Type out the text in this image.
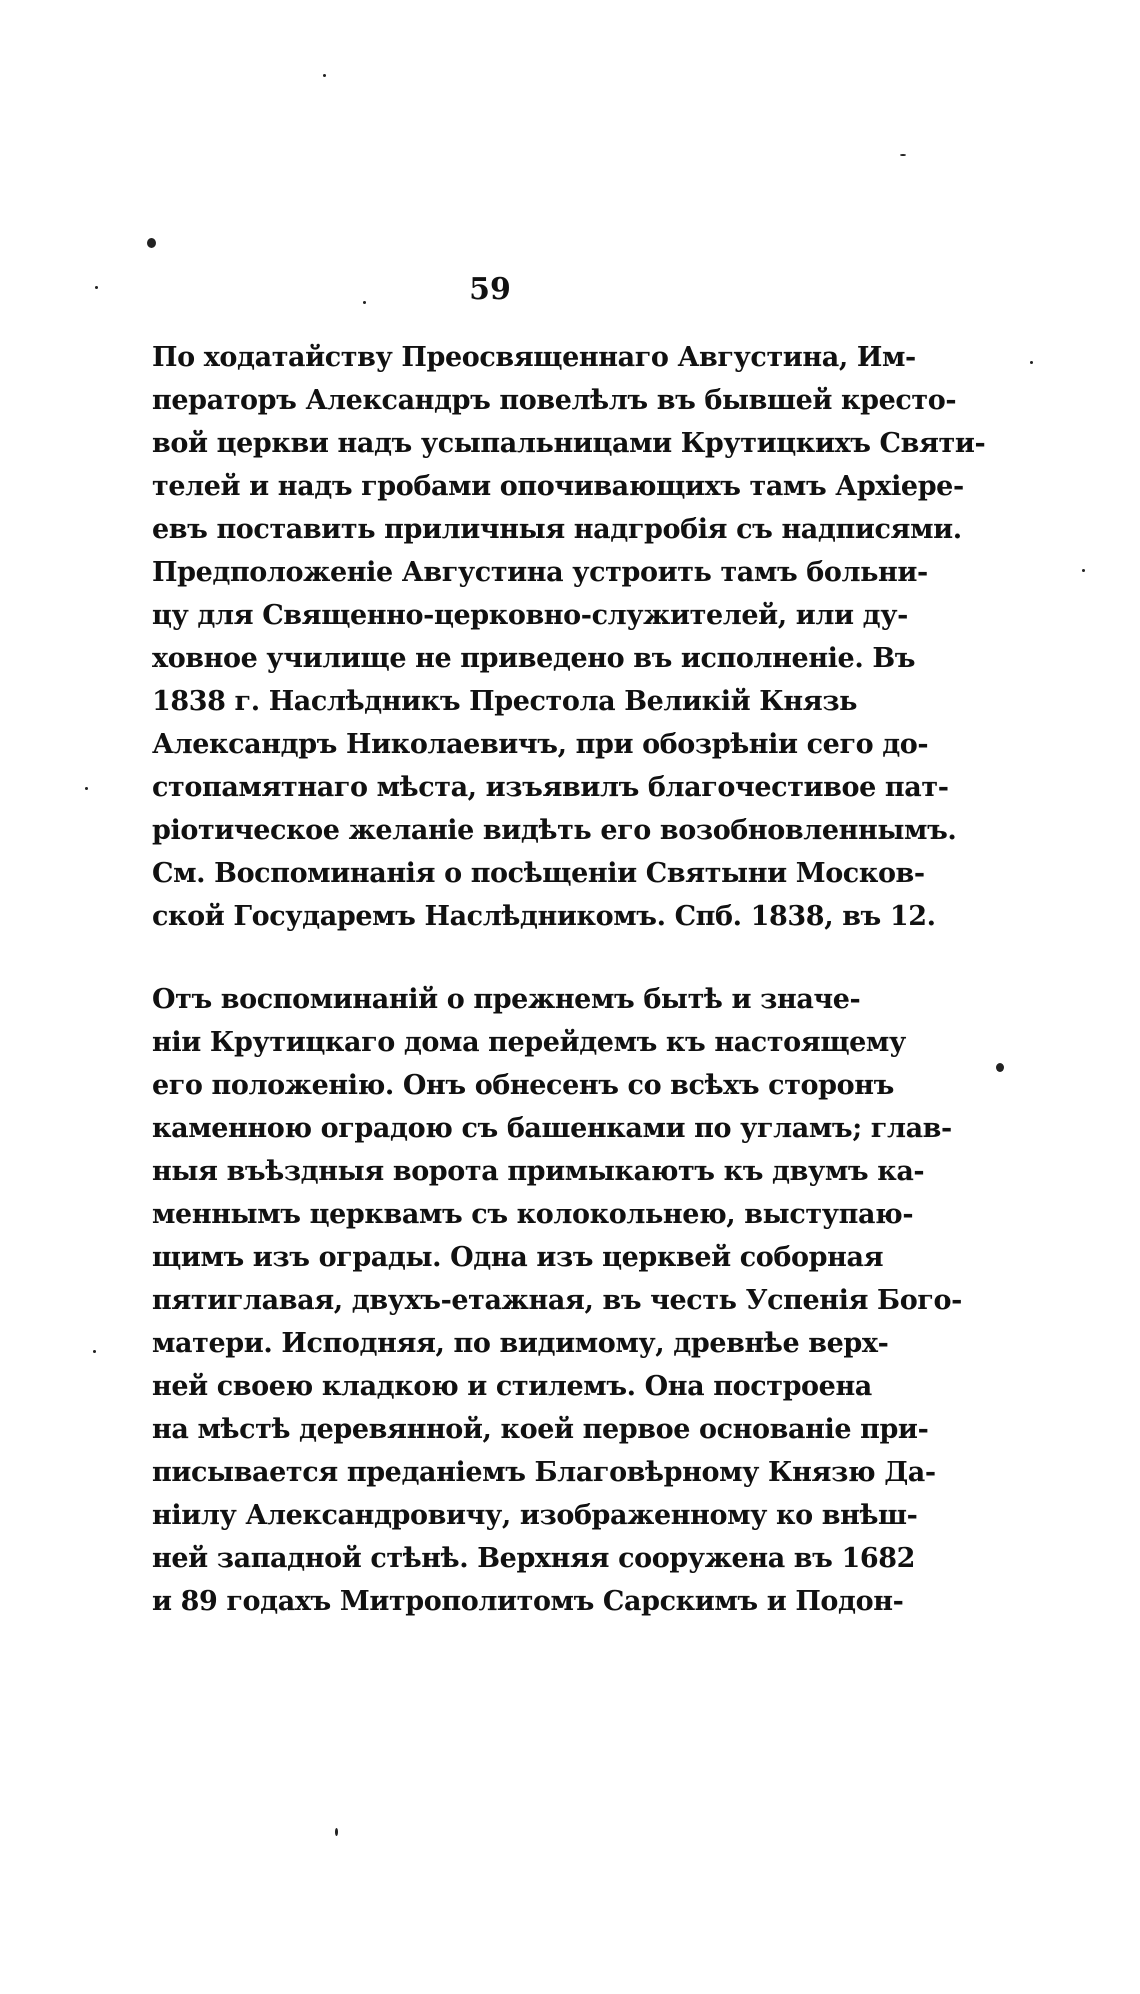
59
По ходатайству Преосвященнаго Августина, Им-
ператоръ Александръ повелѣлъ въ бывшей кресто-
вой церкви надъ усыпальницами Крутицкихъ Святи-
телей и надъ гробами опочивающихъ тамъ Архіере-
евъ поставить приличныя надгробія съ надписями.
Предположеніе Августина устроить тамъ больни-
цу для Священно-церковно-служителей, или ду-
ховное училище не приведено въ исполненіе. Въ
1838 г. Наслѣдникъ Престола Великій Князь
Александръ Николаевичъ, при обозрѣніи сего до-
стопамятнаго мѣста, изъявилъ благочестивое пат-
ріотическое желаніе видѣть его возобновленнымъ.
См. Воспоминанія о посѣщеніи Святыни Москов-
ской Государемъ Наслѣдникомъ. Спб. 1838, въ 12.
Отъ воспоминаній о прежнемъ бытѣ и значе-
ніи Крутицкаго дома перейдемъ къ настоящему
его положенію. Онъ обнесенъ со всѣхъ сторонъ
каменною оградою съ башенками по угламъ; глав-
ныя въѣздныя ворота примыкаютъ къ двумъ ка-
меннымъ церквамъ съ колокольнею, выступаю-
щимъ изъ ограды. Одна изъ церквей соборная
пятиглавая, двухъ-етажная, въ честь Успенія Бого-
матери. Исподняя, по видимому, древнѣе верх-
ней своею кладкою и стилемъ. Она построена
на мѣстѣ деревянной, коей первое основаніе при-
писывается преданіемъ Благовѣрному Князю Да-
ніилу Александровичу, изображенному ко внѣш-
ней западной стѣнѣ. Верхняя сооружена въ 1682
и 89 годахъ Митрополитомъ Сарскимъ и Подон-
